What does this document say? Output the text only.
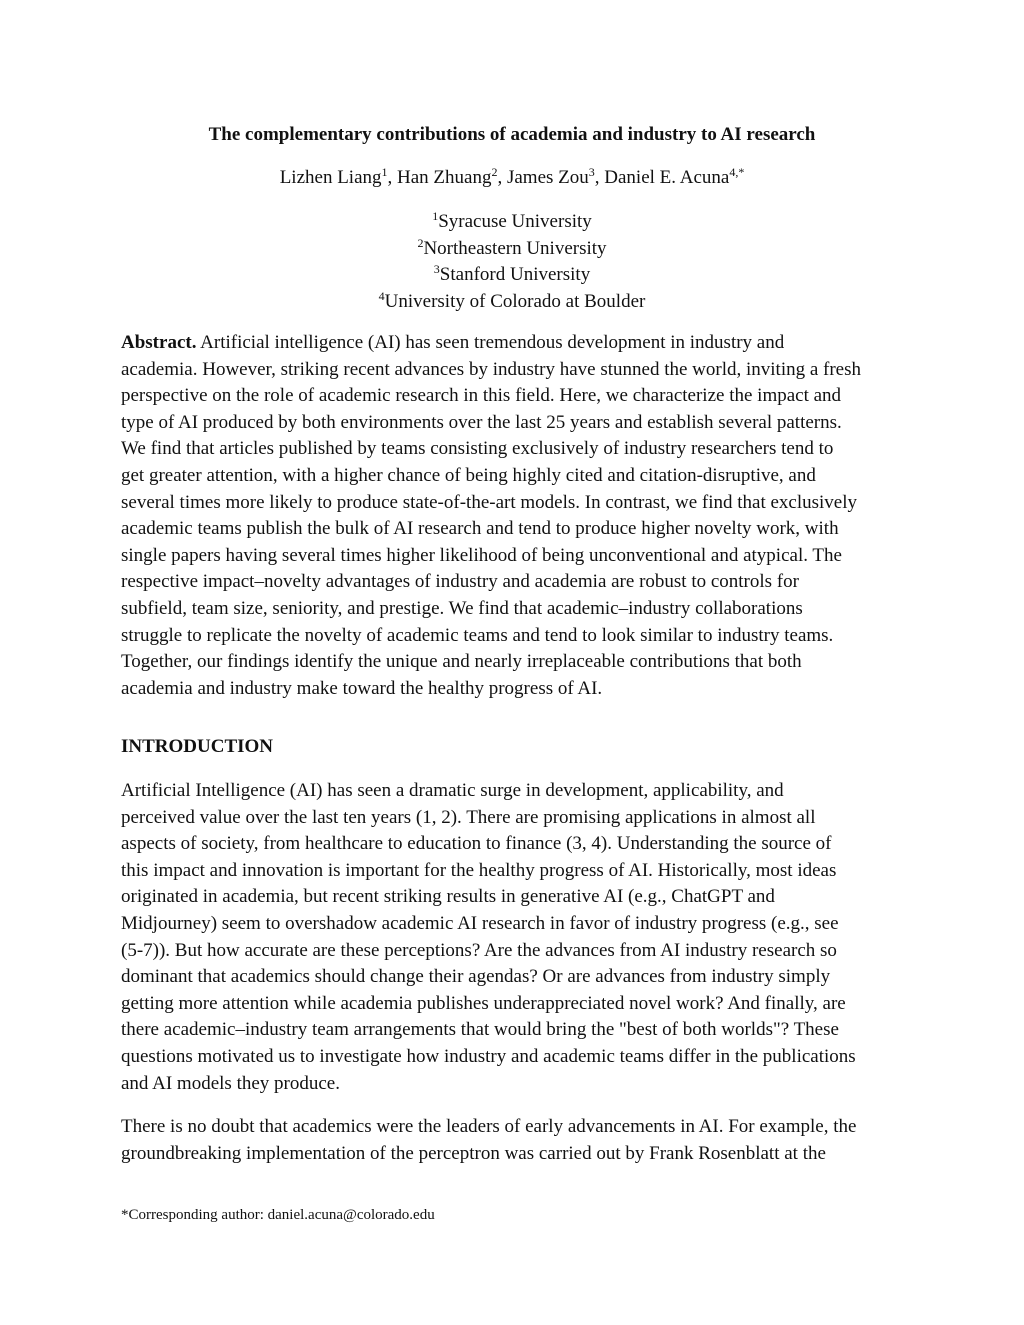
The complementary contributions of academia and industry to AI research
Lizhen Liang$^1$, Han Zhuang$^2$, James Zou$^3$, Daniel E. Acuna$^{4,*}$
$^1$Syracuse University
$^2$Northeastern University
$^3$Stanford University
$^4$University of Colorado at Boulder
Abstract. Artificial intelligence (AI) has seen tremendous development in industry and
academia. However, striking recent advances by industry have stunned the world, inviting a fresh
perspective on the role of academic research in this field. Here, we characterize the impact and
type of AI produced by both environments over the last 25 years and establish several patterns.
We find that articles published by teams consisting exclusively of industry researchers tend to
get greater attention, with a higher chance of being highly cited and citation-disruptive, and
several times more likely to produce state-of-the-art models. In contrast, we find that exclusively
academic teams publish the bulk of AI research and tend to produce higher novelty work, with
single papers having several times higher likelihood of being unconventional and atypical. The
respective impact–novelty advantages of industry and academia are robust to controls for
subfield, team size, seniority, and prestige. We find that academic–industry collaborations
struggle to replicate the novelty of academic teams and tend to look similar to industry teams.
Together, our findings identify the unique and nearly irreplaceable contributions that both
academia and industry make toward the healthy progress of AI.
INTRODUCTION
Artificial Intelligence (AI) has seen a dramatic surge in development, applicability, and
perceived value over the last ten years (1, 2). There are promising applications in almost all
aspects of society, from healthcare to education to finance (3, 4). Understanding the source of
this impact and innovation is important for the healthy progress of AI. Historically, most ideas
originated in academia, but recent striking results in generative AI (e.g., ChatGPT and
Midjourney) seem to overshadow academic AI research in favor of industry progress (e.g., see
(5-7)). But how accurate are these perceptions? Are the advances from AI industry research so
dominant that academics should change their agendas? Or are advances from industry simply
getting more attention while academia publishes underappreciated novel work? And finally, are
there academic–industry team arrangements that would bring the "best of both worlds"? These
questions motivated us to investigate how industry and academic teams differ in the publications
and AI models they produce.
There is no doubt that academics were the leaders of early advancements in AI. For example, the
groundbreaking implementation of the perceptron was carried out by Frank Rosenblatt at the
*Corresponding author: daniel.acuna@colorado.edu
